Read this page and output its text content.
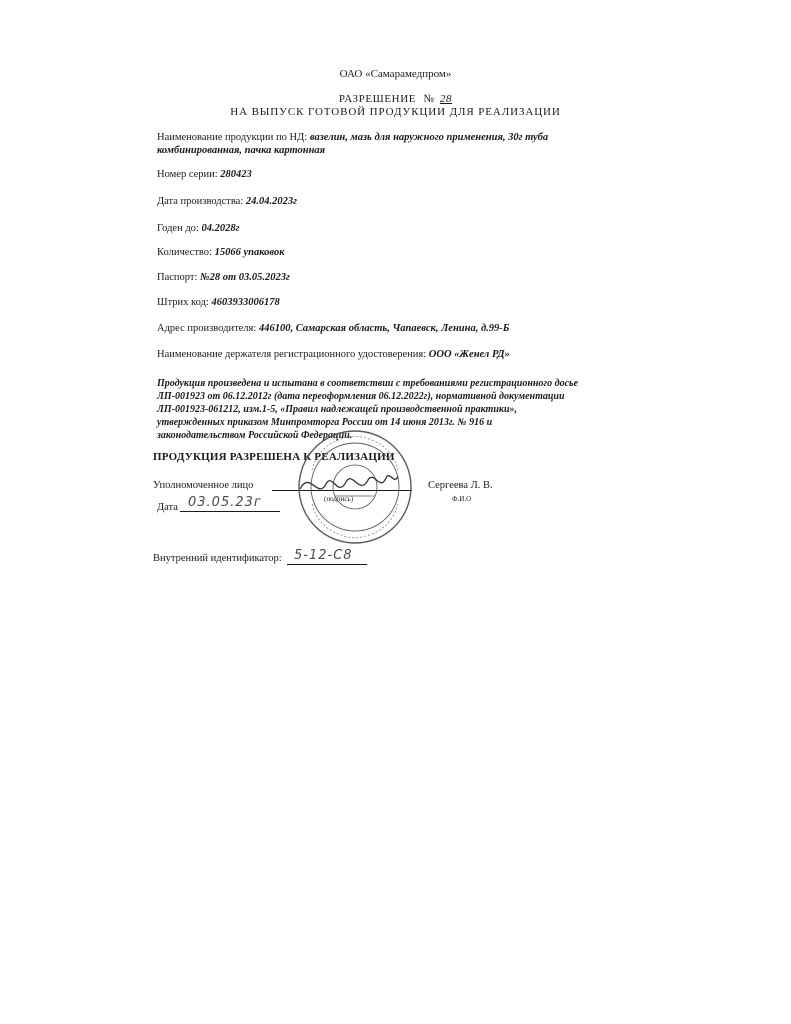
ОАО «Самарамедпром»
РАЗРЕШЕНИЕ № 28
НА ВЫПУСК ГОТОВОЙ ПРОДУКЦИИ ДЛЯ РЕАЛИЗАЦИИ
Наименование продукции по НД: вазелин, мазь для наружного применения, 30г туба
комбинированная, пачка картонная
Номер серии: 280423
Дата производства: 24.04.2023г
Годен до: 04.2028г
Количество: 15066 упаковок
Паспорт: №28 от 03.05.2023г
Штрих код: 4603933006178
Адрес производителя: 446100, Самарская область, Чапаевск, Ленина, д.99-Б
Наименование держателя регистрационного удостоверения: ООО «Женел РД»
Продукция произведена и испытана в соответствии с требованиями регистрационного досье
ЛП-001923 от 06.12.2012г (дата переоформления 06.12.2022г), нормативной документации
ЛП-001923-061212, изм.1-5, «Правил надлежащей производственной практики»,
утвержденных приказом Минпромторга России от 14 июня 2013г. № 916 и
законодательством Российской Федерации.
ПРОДУКЦИЯ РАЗРЕШЕНА К РЕАЛИЗАЦИИ
Уполномоченное лицо
(подпись)
Сергеева Л. В.
Ф.И.О
Дата 03.05.23г
Внутренний идентификатор: 5-12-С8
